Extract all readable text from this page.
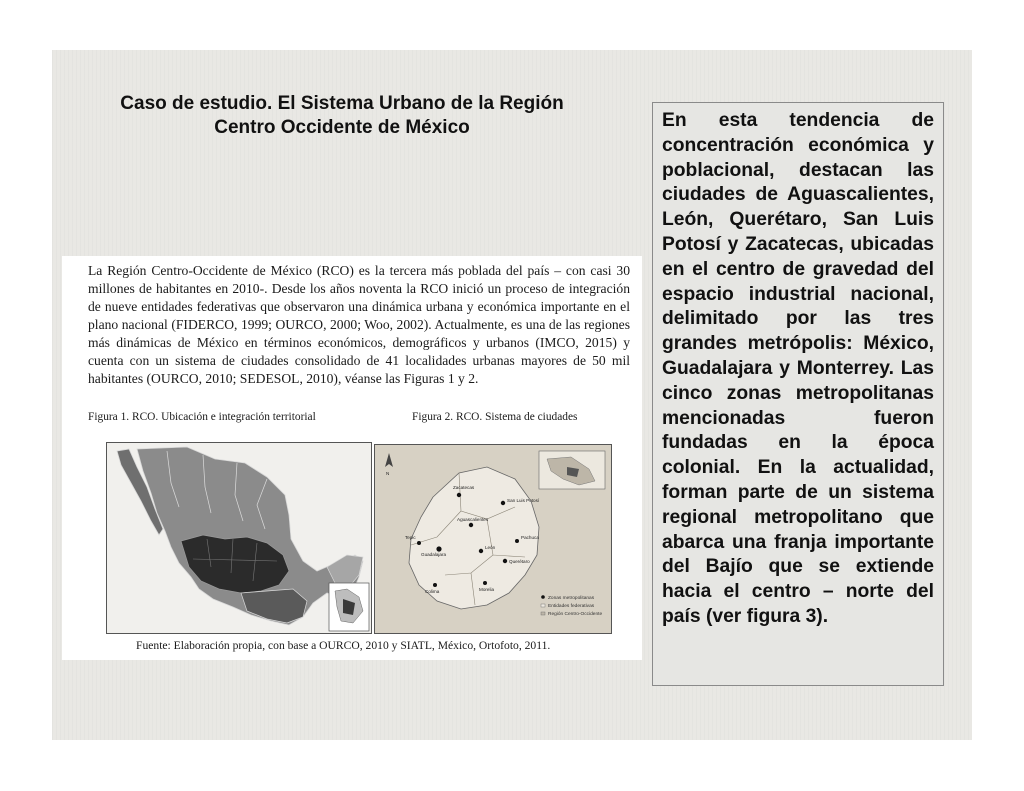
Caso de estudio. El Sistema Urbano de la Región
Centro Occidente de México

La Región Centro-Occidente de México (RCO) es la tercera más poblada del país – con casi 30 millones de habitantes en 2010-. Desde los años noventa la RCO inició un proceso de integración de nueve entidades federativas que observaron una dinámica urbana y económica importante en el plano nacional (FIDERCO, 1999; OURCO, 2000; Woo, 2002). Actualmente, es una de las regiones más dinámicas de México en términos económicos, demográficos y urbanos (IMCO, 2015) y cuenta con un sistema de ciudades consolidado de 41 localidades urbanas mayores de 50 mil habitantes (OURCO, 2010; SEDESOL, 2010), véanse las Figuras 1 y 2.

Figura 1. RCO. Ubicación e integración territorial	Figura 2. RCO. Sistema de ciudades
N
Zacatecas
Aguascalientes
San Luis Potosí
Guadalajara
León
Querétaro
Tepic
Morelia
Colima
Pachuca
Zonas metropolitanas
Entidades federativas
Región Centro-Occidente
Fuente: Elaboración propia, con base a OURCO, 2010 y SIATL, México, Ortofoto, 2011.

En esta tendencia de concentración económica y poblacional, destacan las ciudades de Aguascalientes, León, Querétaro, San Luis Potosí y Zacatecas, ubicadas en el centro de gravedad del espacio industrial nacional, delimitado por las tres grandes metrópolis: México, Guadalajara y Monterrey. Las cinco zonas metropolitanas mencionadas fueron fundadas en la época colonial. En la actualidad, forman parte de un sistema regional metropolitano que abarca una franja importante del Bajío que se extiende hacia el centro – norte del país (ver figura 3).
